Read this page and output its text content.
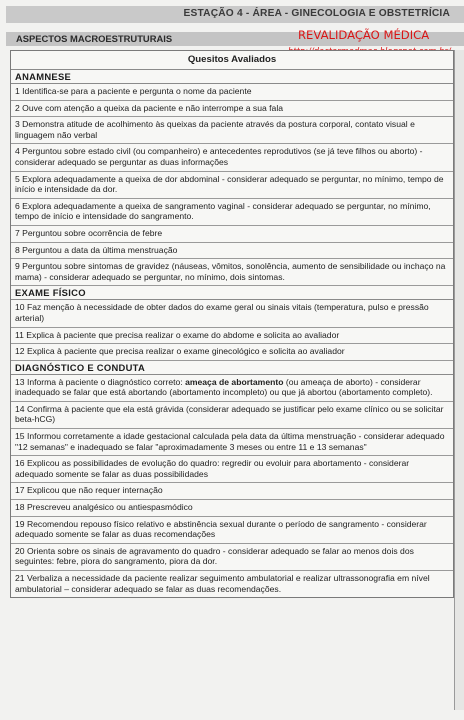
ESTAÇÃO 4 - ÁREA - GINECOLOGIA E OBSTETRÍCIA
ASPECTOS MACROESTRUTURAIS	REVALIDAÇÃO MÉDICA
Quesitos Avaliados
ANAMNESE
1 Identifica-se para a paciente e pergunta o nome da paciente
2 Ouve com atenção a queixa da paciente e não interrompe a sua fala
3 Demonstra atitude de acolhimento às queixas da paciente através da postura corporal, contato visual e linguagem não verbal
4 Perguntou sobre estado civil (ou companheiro) e antecedentes reprodutivos (se já teve filhos ou aborto) - considerar adequado se perguntar as duas informações
5 Explora adequadamente a queixa de dor abdominal - considerar adequado se perguntar, no mínimo, tempo de início e intensidade da dor.
6 Explora adequadamente a queixa de sangramento vaginal - considerar adequado se perguntar, no mínimo, tempo de início e intensidade do sangramento.
7 Perguntou sobre ocorrência de febre
8 Perguntou a data da última menstruação
9 Perguntou sobre sintomas de gravidez (náuseas, vômitos, sonolência, aumento de sensibilidade ou inchaço na mama) - considerar adequado se perguntar, no mínimo, dois sintomas.
EXAME FÍSICO
10 Faz menção à necessidade de obter dados do exame geral ou sinais vitais (temperatura, pulso e pressão arterial)
11 Explica à paciente que precisa realizar o exame do abdome e solicita ao avaliador
12 Explica à paciente que precisa realizar o exame ginecológico e solicita ao avaliador
DIAGNÓSTICO E CONDUTA
13 Informa à paciente o diagnóstico correto: ameaça de abortamento (ou ameaça de aborto) - considerar inadequado se falar que está abortando (abortamento incompleto) ou que já abortou (abortamento completo).
14 Confirma à paciente que ela está grávida (considerar adequado se justificar pelo exame clínico ou se solicitar beta-hCG)
15 Informou corretamente a idade gestacional calculada pela data da última menstruação - considerar adequado "12 semanas" e inadequado se falar "aproximadamente 3 meses ou entre 11 e 13 semanas"
16 Explicou as possibilidades de evolução do quadro: regredir ou evoluir para abortamento - considerar adequado somente se falar as duas possibilidades
17 Explicou que não requer internação
18 Prescreveu analgésico ou antiespasmódico
19 Recomendou repouso físico relativo e abstinência sexual durante o período de sangramento - considerar adequado somente se falar as duas recomendações
20 Orienta sobre os sinais de agravamento do quadro - considerar adequado se falar ao menos dois dos seguintes: febre, piora do sangramento, piora da dor.
21 Verbaliza a necessidade da paciente realizar seguimento ambulatorial e realizar ultrassonografia em nível ambulatorial – considerar adequado se falar as duas recomendações.
